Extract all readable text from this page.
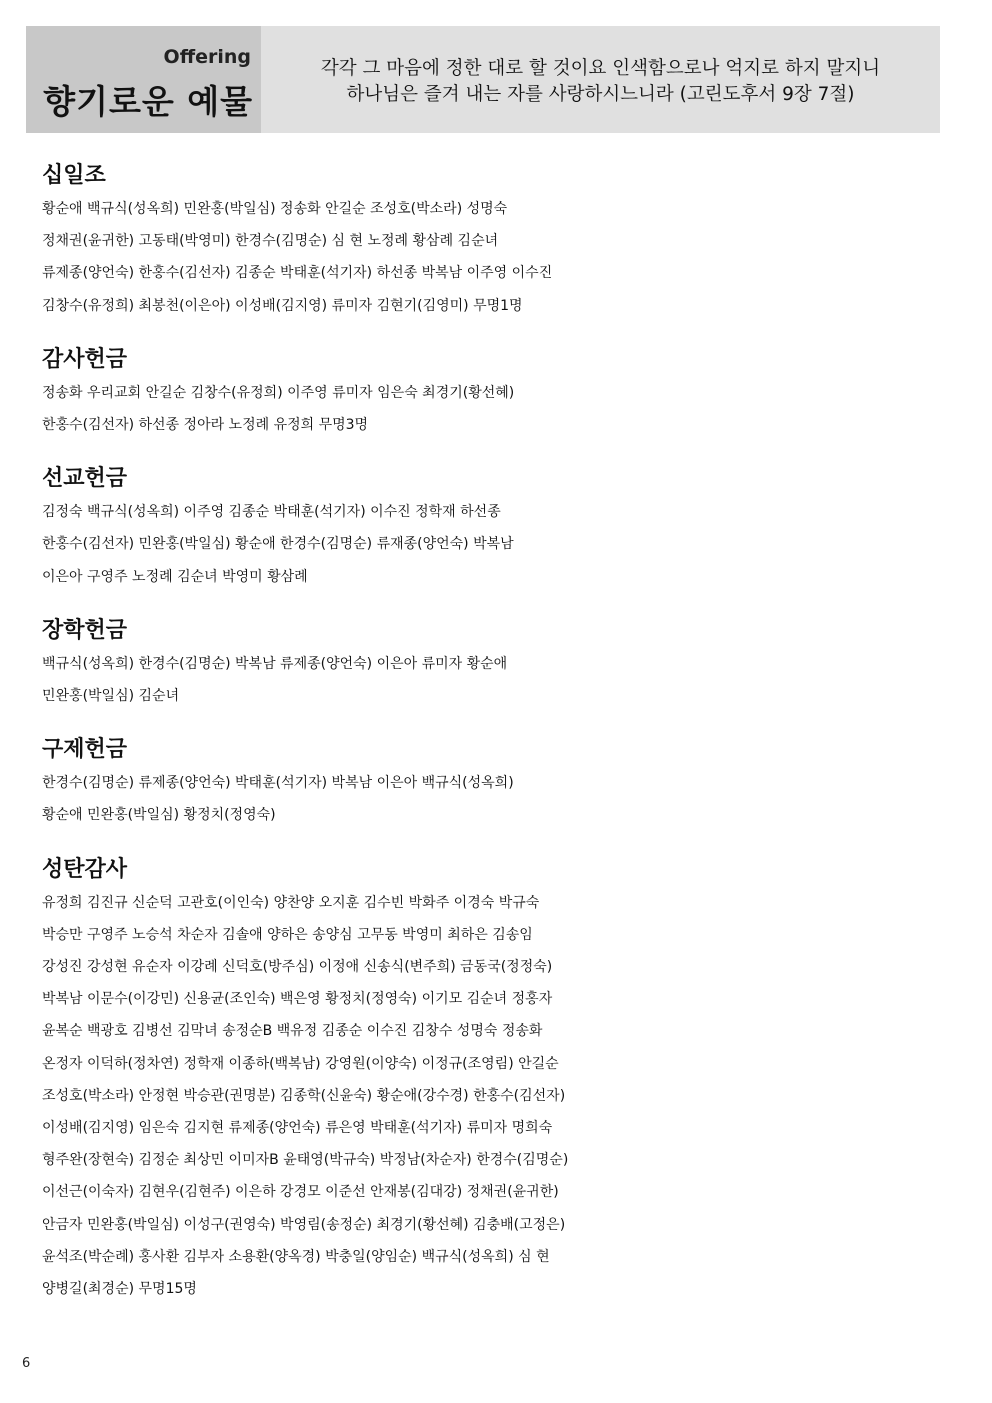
Offering
향기로운 예물
각각 그 마음에 정한 대로 할 것이요 인색함으로나 억지로 하지 말지니
하나님은 즐겨 내는 자를 사랑하시느니라 (고린도후서 9장 7절)
십일조
황순애 백규식(성옥희) 민완홍(박일심) 정송화 안길순 조성호(박소라) 성명숙
정채권(윤귀한) 고동태(박영미) 한경수(김명순) 심 현 노정례 황삼례 김순녀
류제종(양언숙) 한홍수(김선자) 김종순 박태훈(석기자) 하선종 박복남 이주영 이수진
김창수(유정희) 최봉천(이은아) 이성배(김지영) 류미자 김현기(김영미) 무명1명
감사헌금
정송화 우리교회 안길순 김창수(유정희) 이주영 류미자 임은숙 최경기(황선혜)
한홍수(김선자) 하선종 정아라 노정례 유정희 무명3명
선교헌금
김정숙 백규식(성옥희) 이주영 김종순 박태훈(석기자) 이수진 정학재 하선종
한홍수(김선자) 민완홍(박일심) 황순애 한경수(김명순) 류재종(양언숙) 박복남
이은아 구영주 노정례 김순녀 박영미 황삼례
장학헌금
백규식(성옥희) 한경수(김명순) 박복남 류제종(양언숙) 이은아 류미자 황순애
민완홍(박일심) 김순녀
구제헌금
한경수(김명순) 류제종(양언숙) 박태훈(석기자) 박복남 이은아 백규식(성옥희)
황순애 민완홍(박일심) 황정치(정영숙)
성탄감사
유정희 김진규 신순덕 고관호(이인숙) 양찬양 오지훈 김수빈 박화주 이경숙 박규숙
박승만 구영주 노승석 차순자 김솔애 양하은 송양심 고무동 박영미 최하은 김송임
강성진 강성현 유순자 이강례 신덕호(방주심) 이정애 신송식(변주희) 금동국(정정숙)
박복남 이문수(이강민) 신용균(조인숙) 백은영 황정치(정영숙) 이기모 김순녀 정홍자
윤복순 백광호 김병선 김막녀 송정순B 백유정 김종순 이수진 김창수 성명숙 정송화
온정자 이덕하(정차연) 정학재 이종하(백복남) 강영원(이양숙) 이정규(조영림) 안길순
조성호(박소라) 안정현 박승관(권명분) 김종학(신윤숙) 황순애(강수경) 한홍수(김선자)
이성배(김지영) 임은숙 김지현 류제종(양언숙) 류은영 박태훈(석기자) 류미자 명희숙
형주완(장현숙) 김정순 최상민 이미자B 윤태영(박규숙) 박정남(차순자) 한경수(김명순)
이선근(이숙자) 김현우(김현주) 이은하 강경모 이준선 안재봉(김대강) 정채권(윤귀한)
안금자 민완홍(박일심) 이성구(권영숙) 박영림(송정순) 최경기(황선혜) 김충배(고정은)
윤석조(박순례) 홍사환 김부자 소용환(양옥경) 박충일(양임순) 백규식(성옥희) 심 현
양병길(최경순) 무명15명
6
